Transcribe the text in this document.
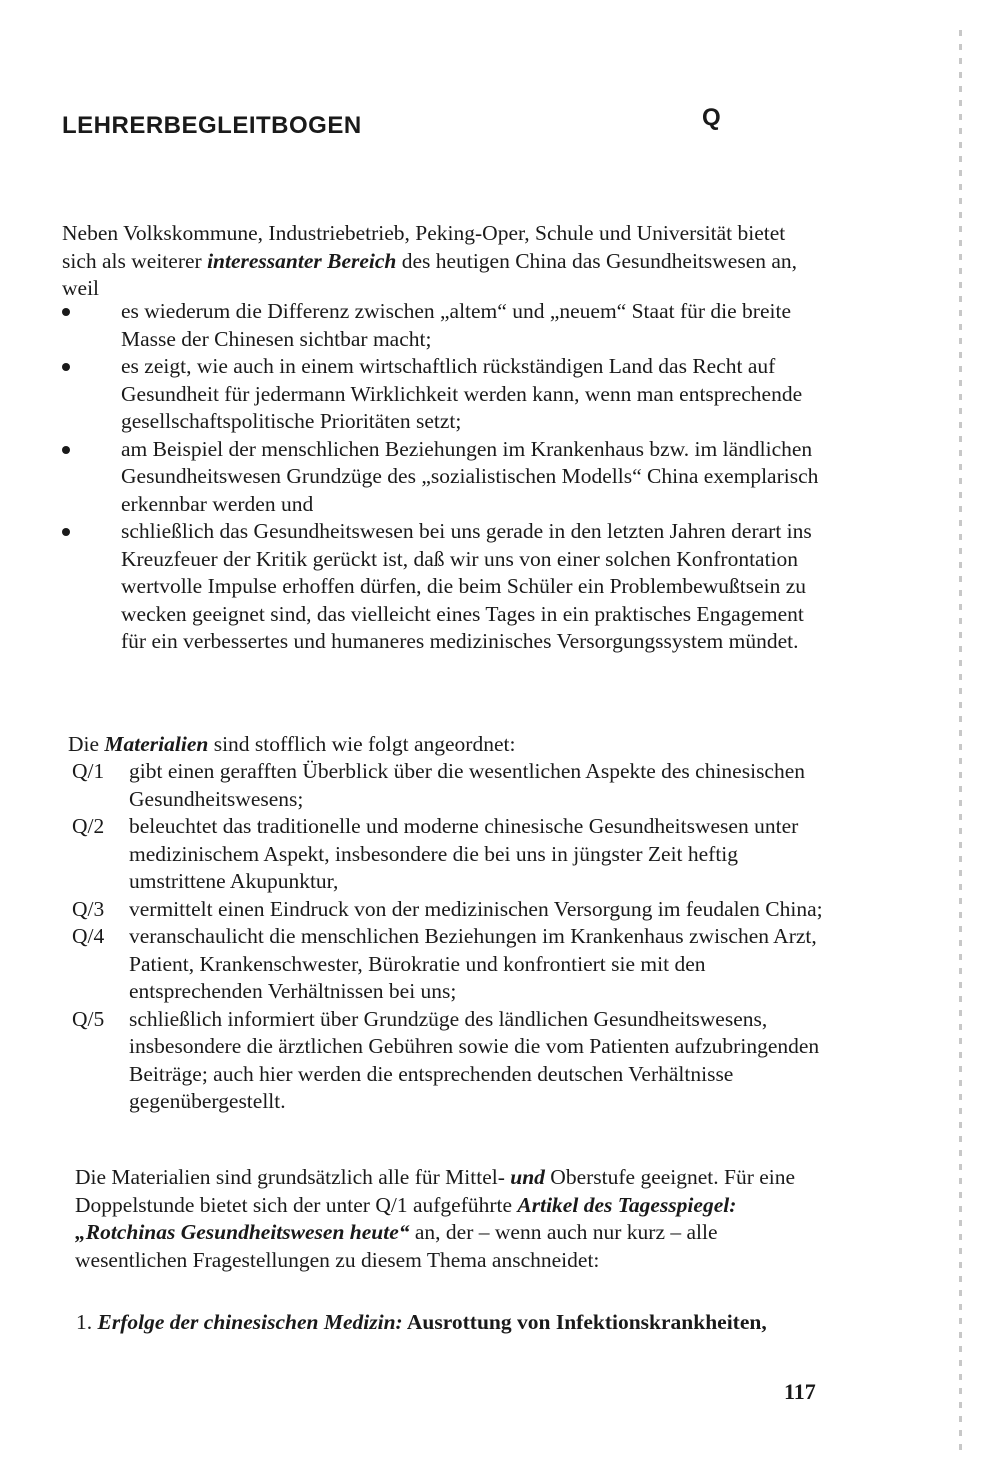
LEHRERBEGLEITBOGEN	Q

Neben Volkskommune, Industriebetrieb, Peking-Oper, Schule und Universität bietet sich als weiterer interessanter Bereich des heutigen China das Gesundheitswesen an, weil

es wiederum die Differenz zwischen „altem“ und „neuem“ Staat für die breite Masse der Chinesen sichtbar macht;
es zeigt, wie auch in einem wirtschaftlich rückständigen Land das Recht auf Gesundheit für jedermann Wirklichkeit werden kann, wenn man entsprechende gesellschaftspolitische Prioritäten setzt;
am Beispiel der menschlichen Beziehungen im Krankenhaus bzw. im ländlichen Gesundheitswesen Grundzüge des „sozialistischen Modells“ China exemplarisch erkennbar werden und
schließlich das Gesundheitswesen bei uns gerade in den letzten Jahren derart ins Kreuzfeuer der Kritik gerückt ist, daß wir uns von einer solchen Konfrontation wertvolle Impulse erhoffen dürfen, die beim Schüler ein Problembewußtsein zu wecken geeignet sind, das vielleicht eines Tages in ein praktisches Engagement für ein verbessertes und humaneres medizinisches Versorgungssystem mündet.

Die Materialien sind stofflich wie folgt angeordnet:

Q/1 gibt einen gerafften Überblick über die wesentlichen Aspekte des chinesischen Gesundheitswesens;
Q/2 beleuchtet das traditionelle und moderne chinesische Gesundheitswesen unter medizinischem Aspekt, insbesondere die bei uns in jüngster Zeit heftig umstrittene Akupunktur,
Q/3 vermittelt einen Eindruck von der medizinischen Versorgung im feudalen China;
Q/4 veranschaulicht die menschlichen Beziehungen im Krankenhaus zwischen Arzt, Patient, Krankenschwester, Bürokratie und konfrontiert sie mit den entsprechenden Verhältnissen bei uns;
Q/5 schließlich informiert über Grundzüge des ländlichen Gesundheitswesens, insbesondere die ärztlichen Gebühren sowie die vom Patienten aufzubringenden Beiträge; auch hier werden die entsprechenden deutschen Verhältnisse gegenübergestellt.

Die Materialien sind grundsätzlich alle für Mittel- und Oberstufe geeignet. Für eine Doppelstunde bietet sich der unter Q/1 aufgeführte Artikel des Tagesspiegel: „Rotchinas Gesundheitswesen heute“ an, der – wenn auch nur kurz – alle wesentlichen Fragestellungen zu diesem Thema anschneidet:

1. Erfolge der chinesischen Medizin: Ausrottung von Infektionskrankheiten,

117
